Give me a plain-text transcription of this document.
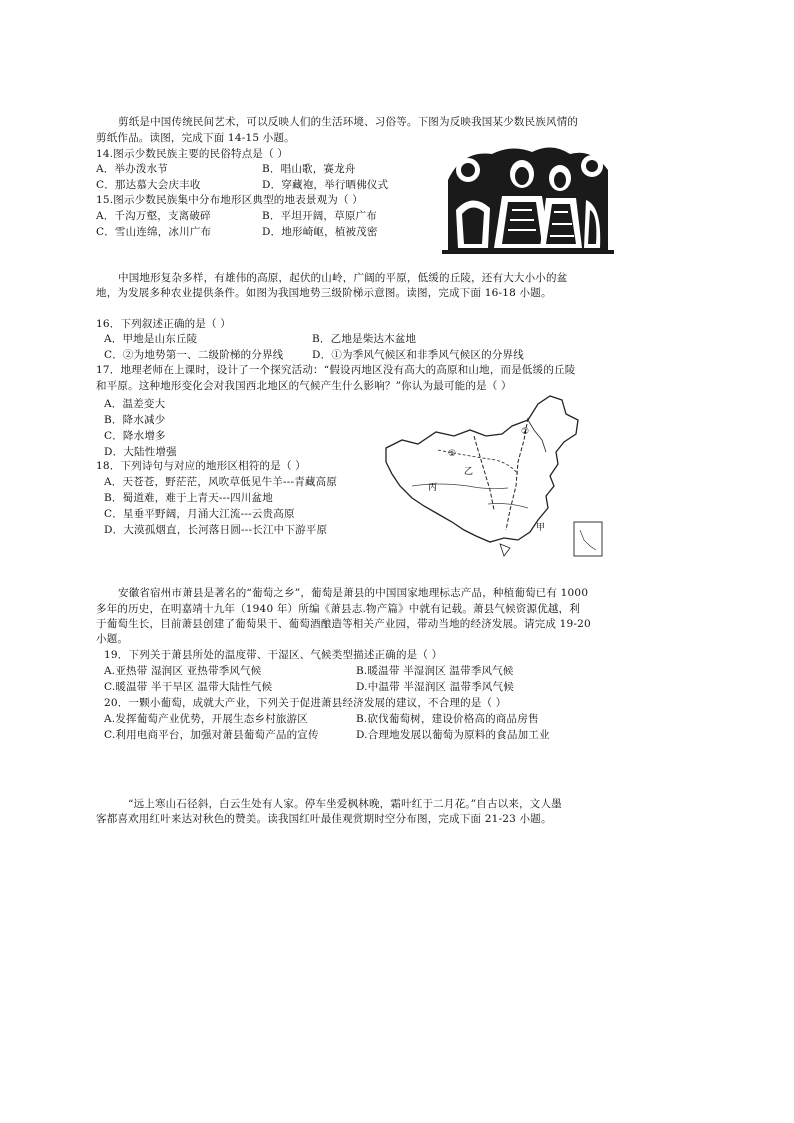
剪纸是中国传统民间艺术，可以反映人们的生活环境、习俗等。下图为反映我国某少数民族风情的
剪纸作品。读图，完成下面 14-15 小题。
14.图示少数民族主要的民俗特点是（ ）
A．举办泼水节	B．唱山歌，赛龙舟
C．那达慕大会庆丰收	D．穿藏袍，举行晒佛仪式
15.图示少数民族集中分布地形区典型的地表景观为（ ）
A．千沟万壑，支离破碎	B．平坦开阔，草原广布
C．雪山连绵，冰川广布	D．地形崎岖，植被茂密
中国地形复杂多样，有雄伟的高原，起伏的山岭，广阔的平原，低缓的丘陵，还有大大小小的盆
地，为发展多种农业提供条件。如图为我国地势三级阶梯示意图。读图，完成下面 16-18 小题。
16．下列叙述正确的是（ ）
A．甲地是山东丘陵	B．乙地是柴达木盆地
C．②为地势第一、二级阶梯的分界线	D．①为季风气候区和非季风气候区的分界线
17．地理老师在上课时，设计了一个探究活动：“假设丙地区没有高大的高原和山地，而是低缓的丘陵
和平原。这种地形变化会对我国西北地区的气候产生什么影响？”你认为最可能的是（ ）
A．温差变大
B．降水减少
C．降水增多
D．大陆性增强
18．下列诗句与对应的地形区相符的是（ ）
A．天苍苍，野茫茫，风吹草低见牛羊---青藏高原
B．蜀道难，难于上青天---四川盆地
C．星垂平野阔，月涌大江流---云贵高原
D．大漠孤烟直，长河落日圆---长江中下游平原
①
②
乙
丙
甲
安徽省宿州市萧县是著名的“葡萄之乡”，葡萄是萧县的中国国家地理标志产品，种植葡萄已有 1000
多年的历史，在明嘉靖十九年（1940 年）所编《萧县志.物产篇》中就有记载。萧县气候资源优越，利
于葡萄生长，目前萧县创建了葡萄果干、葡萄酒酿造等相关产业园，带动当地的经济发展。请完成 19-20
小题。
19．下列关于萧县所处的温度带、干湿区、气候类型描述正确的是（ ）
A.亚热带 湿润区 亚热带季风气候	B.暖温带 半湿润区 温带季风气候
C.暖温带 半干旱区 温带大陆性气候	D.中温带 半湿润区 温带季风气候
20．一颗小葡萄，成就大产业，下列关于促进萧县经济发展的建议，不合理的是（ ）
A.发挥葡萄产业优势，开展生态乡村旅游区	B.砍伐葡萄树，建设价格高的商品房售
C.利用电商平台，加强对萧县葡萄产品的宣传	D.合理地发展以葡萄为原料的食品加工业
“远上寒山石径斜，白云生处有人家。停车坐爱枫林晚，霜叶红于二月花。”自古以来，文人墨
客都喜欢用红叶来达对秋色的赞美。读我国红叶最佳观赏期时空分布图，完成下面 21-23 小题。
